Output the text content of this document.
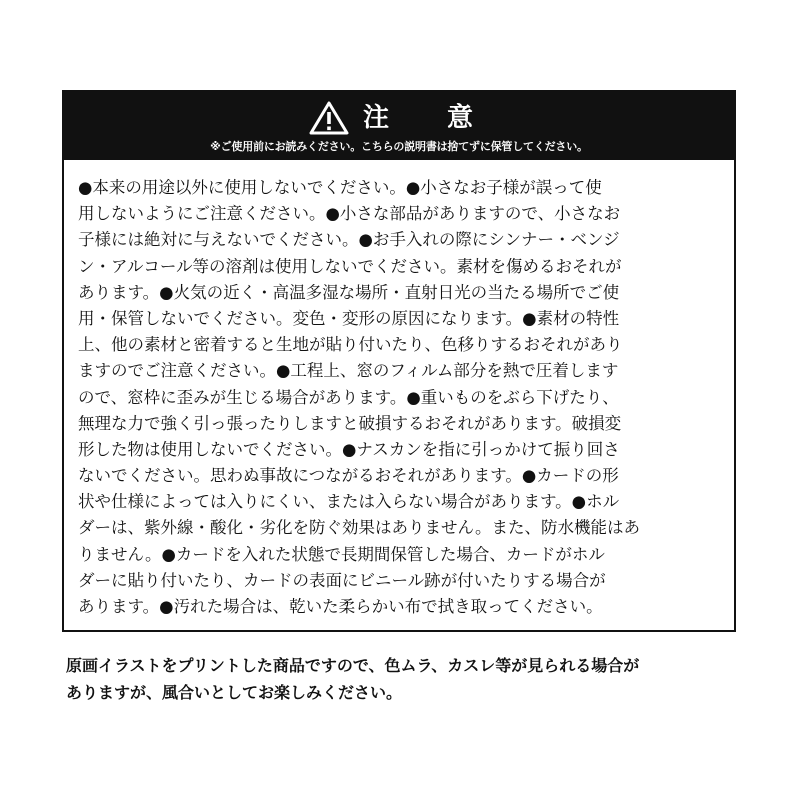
注　意
※ご使用前にお読みください。こちらの説明書は捨てずに保管してください。
●本来の用途以外に使用しないでください。●小さなお子様が誤って使
用しないようにご注意ください。●小さな部品がありますので、小さなお
子様には絶対に与えないでください。●お手入れの際にシンナー・ベンジ
ン・アルコール等の溶剤は使用しないでください。素材を傷めるおそれが
あります。●火気の近く・高温多湿な場所・直射日光の当たる場所でご使
用・保管しないでください。変色・変形の原因になります。●素材の特性
上、他の素材と密着すると生地が貼り付いたり、色移りするおそれがあり
ますのでご注意ください。●工程上、窓のフィルム部分を熱で圧着します
ので、窓枠に歪みが生じる場合があります。●重いものをぶら下げたり、
無理な力で強く引っ張ったりしますと破損するおそれがあります。破損変
形した物は使用しないでください。●ナスカンを指に引っかけて振り回さ
ないでください。思わぬ事故につながるおそれがあります。●カードの形
状や仕様によっては入りにくい、または入らない場合があります。●ホル
ダーは、紫外線・酸化・劣化を防ぐ効果はありません。また、防水機能はあ
りません。●カードを入れた状態で長期間保管した場合、カードがホル
ダーに貼り付いたり、カードの表面にビニール跡が付いたりする場合が
あります。●汚れた場合は、乾いた柔らかい布で拭き取ってください。
原画イラストをプリントした商品ですので、色ムラ、カスレ等が見られる場合が
ありますが、風合いとしてお楽しみください。
